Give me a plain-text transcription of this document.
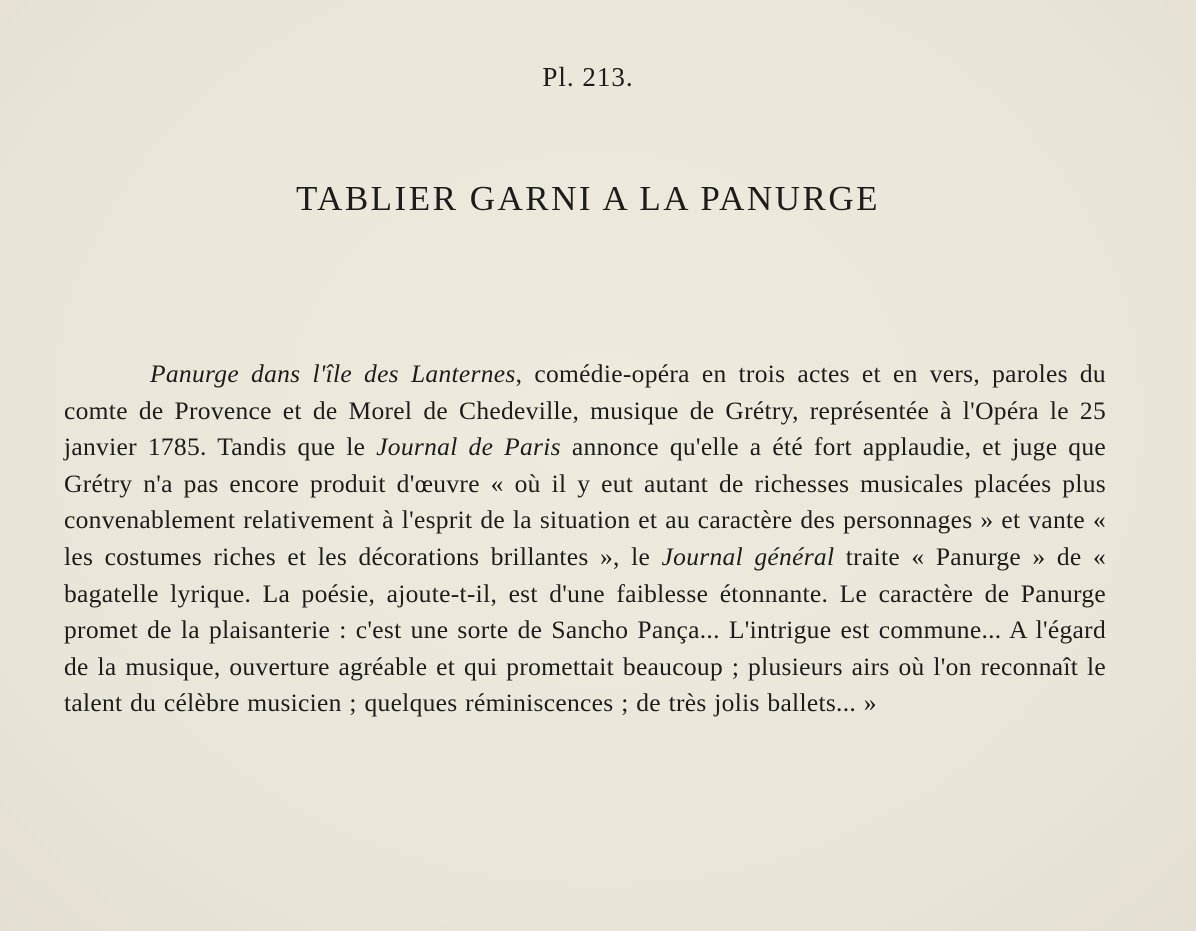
Pl. 213.
TABLIER GARNI A LA PANURGE

Panurge dans l'île des Lanternes, comédie-opéra en trois actes et en vers, paroles du comte de Provence et de Morel de Chedeville, musique de Grétry, représentée à l'Opéra le 25 janvier 1785. Tandis que le Journal de Paris annonce qu'elle a été fort applaudie, et juge que Grétry n'a pas encore produit d'œuvre « où il y eut autant de richesses musicales placées plus convenablement relativement à l'esprit de la situation et au caractère des personnages » et vante « les costumes riches et les décorations brillantes », le Journal général traite « Panurge » de « bagatelle lyrique. La poésie, ajoute-t-il, est d'une faiblesse étonnante. Le caractère de Panurge promet de la plaisanterie : c'est une sorte de Sancho Pança... L'intrigue est commune... A l'égard de la musique, ouverture agréable et qui promettait beaucoup ; plusieurs airs où l'on reconnaît le talent du célèbre musicien ; quelques réminiscences ; de très jolis ballets... »
